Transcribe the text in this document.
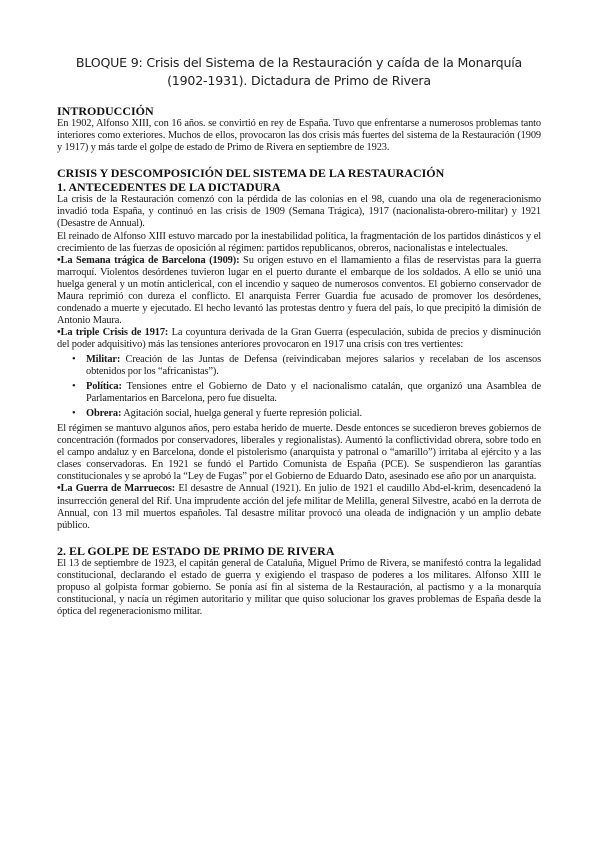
BLOQUE 9: Crisis del Sistema de la Restauración y caída de la Monarquía
(1902-1931). Dictadura de Primo de Rivera
INTRODUCCIÓN

En 1902, Alfonso XIII, con 16 años. se convirtió en rey de España. Tuvo que enfrentarse a numerosos problemas tanto interiores como exteriores. Muchos de ellos, provocaron las dos crisis más fuertes del sistema de la Restauración (1909 y 1917) y más tarde el golpe de estado de Primo de Rivera en septiembre de 1923.

CRISIS Y DESCOMPOSICIÓN DEL SISTEMA DE LA RESTAURACIÓN
1. ANTECEDENTES DE LA DICTADURA

La crisis de la Restauración comenzó con la pérdida de las colonias en el 98, cuando una ola de regeneracionismo invadió toda España, y continuó en las crisis de 1909 (Semana Trágica), 1917 (nacionalista-obrero-militar) y 1921 (Desastre de Annual).

El reinado de Alfonso XIII estuvo marcado por la inestabilidad política, la fragmentación de los partidos dinásticos y el crecimiento de las fuerzas de oposición al régimen: partidos republicanos, obreros, nacionalistas e intelectuales.

•La Semana trágica de Barcelona (1909): Su origen estuvo en el llamamiento a filas de reservistas para la guerra marroquí. Violentos desórdenes tuvieron lugar en el puerto durante el embarque de los soldados. A ello se unió una huelga general y un motín anticlerical, con el incendio y saqueo de numerosos conventos. El gobierno conservador de Maura reprimió con dureza el conflicto. El anarquista Ferrer Guardia fue acusado de promover los desórdenes, condenado a muerte y ejecutado. El hecho levantó las protestas dentro y fuera del país, lo que precipitó la dimisión de Antonio Maura.

•La triple Crisis de 1917: La coyuntura derivada de la Gran Guerra (especulación, subida de precios y disminución del poder adquisitivo) más las tensiones anteriores provocaron en 1917 una crisis con tres vertientes:

• Militar: Creación de las Juntas de Defensa (reivindicaban mejores salarios y recelaban de los ascensos obtenidos por los “africanistas”).
• Política: Tensiones entre el Gobierno de Dato y el nacionalismo catalán, que organizó una Asamblea de Parlamentarios en Barcelona, pero fue disuelta.
• Obrera: Agitación social, huelga general y fuerte represión policial.

El régimen se mantuvo algunos años, pero estaba herido de muerte. Desde entonces se sucedieron breves gobiernos de concentración (formados por conservadores, liberales y regionalistas). Aumentó la conflictividad obrera, sobre todo en el campo andaluz y en Barcelona, donde el pistolerismo (anarquista y patronal o “amarillo”) irritaba al ejército y a las clases conservadoras. En 1921 se fundó el Partido Comunista de España (PCE). Se suspendieron las garantías constitucionales y se aprobó la “Ley de Fugas” por el Gobierno de Eduardo Dato, asesinado ese año por un anarquista.

•La Guerra de Marruecos: El desastre de Annual (1921). En julio de 1921 el caudillo Abd-el-krim, desencadenó la insurrección general del Rif. Una imprudente acción del jefe militar de Melilla, general Silvestre, acabó en la derrota de Annual, con 13 mil muertos españoles. Tal desastre militar provocó una oleada de indignación y un amplio debate público.

2. EL GOLPE DE ESTADO DE PRIMO DE RIVERA

El 13 de septiembre de 1923, el capitán general de Cataluña, Miguel Primo de Rivera, se manifestó contra la legalidad constitucional, declarando el estado de guerra y exigiendo el traspaso de poderes a los militares. Alfonso XIII le propuso al golpista formar gobierno. Se ponía así fin al sistema de la Restauración, al pactismo y a la monarquía constitucional, y nacía un régimen autoritario y militar que quiso solucionar los graves problemas de España desde la óptica del regeneracionismo militar.
